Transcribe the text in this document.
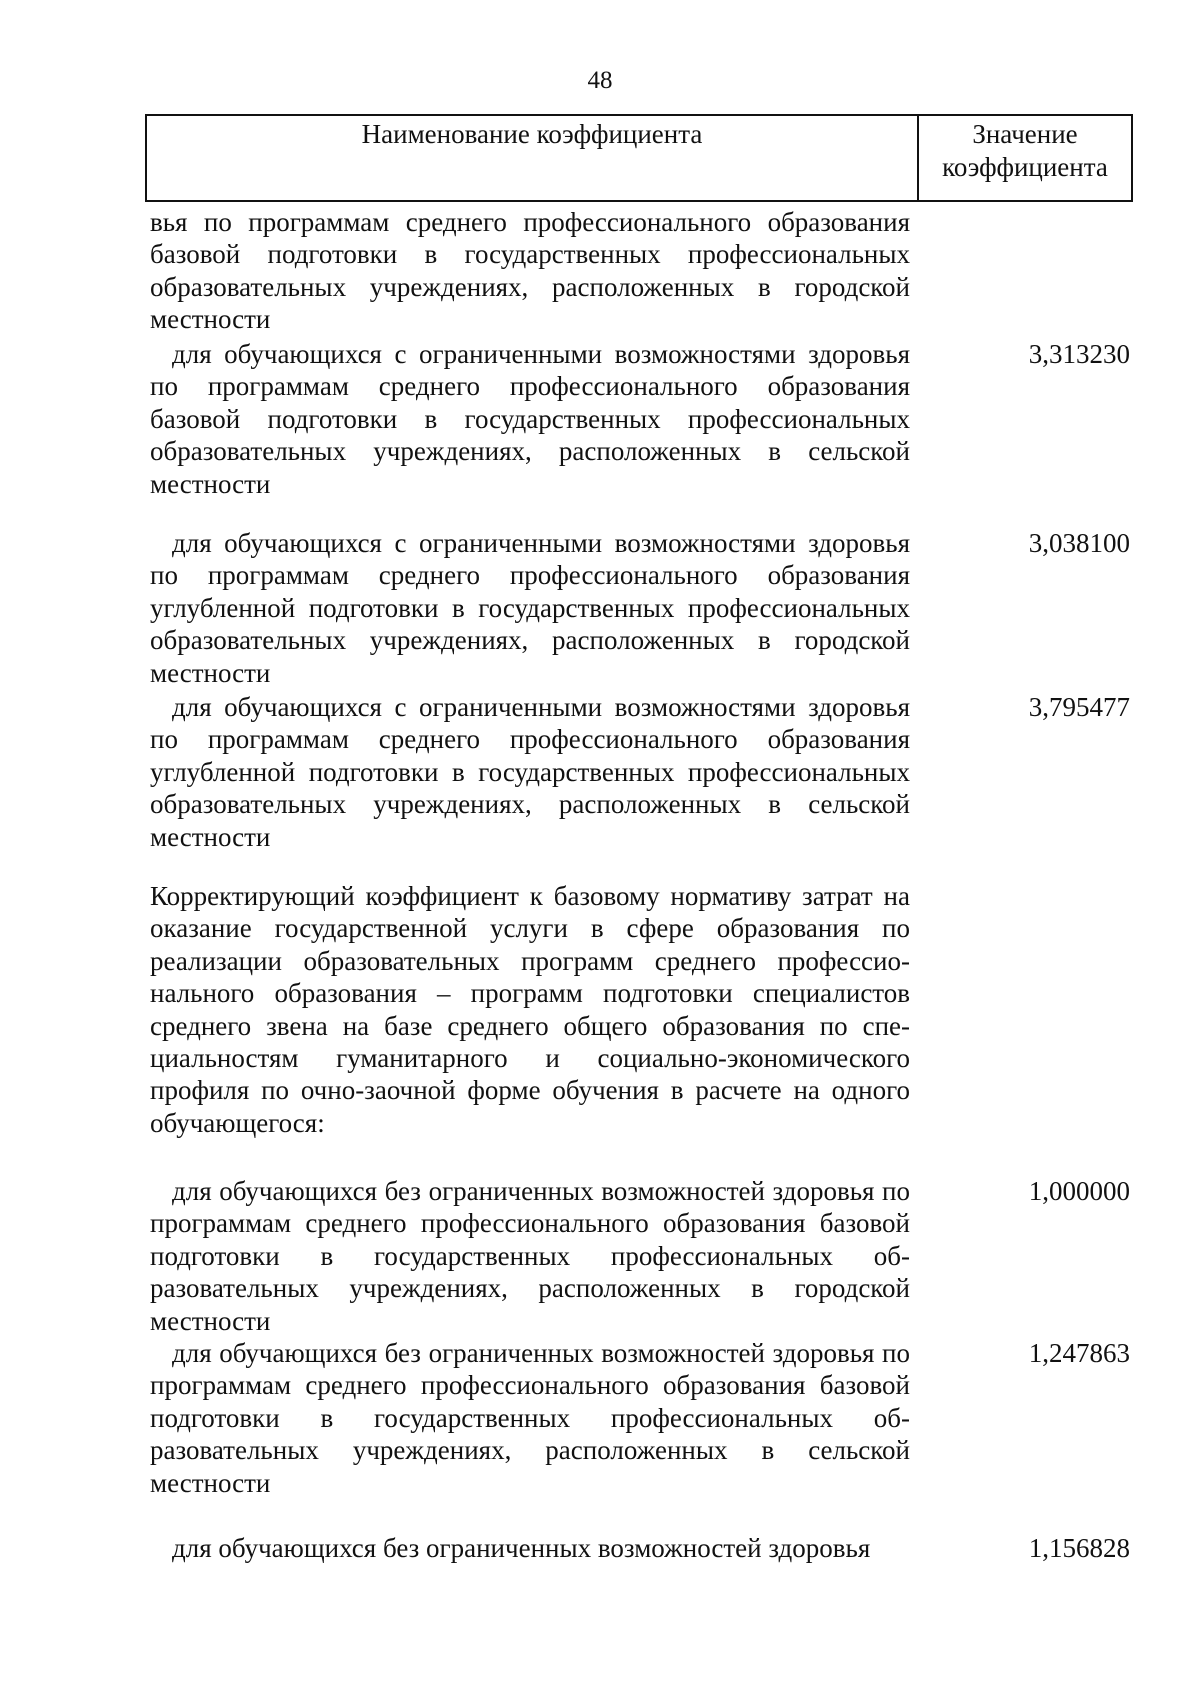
48
Наименование коэффициента	Значение
коэффициента
вья по программам среднего профессионального образования базовой подготовки в государственных профессиональных образовательных учреждениях, расположенных в городской местности
для обучающихся с ограниченными возможностями здоровья по программам среднего профессионального образования базовой подготовки в государственных профессиональных образовательных учреждениях, расположенных в сельской местности
3,313230
для обучающихся с ограниченными возможностями здоровья по программам среднего профессионального образования углубленной подготовки в государственных профессиональных образовательных учреждениях, расположенных в городской местности
3,038100
для обучающихся с ограниченными возможностями здоровья по программам среднего профессионального образования углубленной подготовки в государственных профессиональных образовательных учреждениях, расположенных в сельской местности
3,795477
Корректирующий коэффициент к базовому нормативу затрат на оказание государственной услуги в сфере образования по реализации образовательных программ среднего профессионального образования – программ подготовки специалистов среднего звена на базе среднего общего образования по специальностям гуманитарного и социально-экономического профиля по очно-заочной форме обучения в расчете на одного обучающегося:
для обучающихся без ограниченных возможностей здоровья по программам среднего профессионального образования базовой подготовки в государственных профессиональных образовательных учреждениях, расположенных в городской местности
1,000000
для обучающихся без ограниченных возможностей здоровья по программам среднего профессионального образования базовой подготовки в государственных профессиональных образовательных учреждениях, расположенных в сельской местности
1,247863
для обучающихся без ограниченных возможностей здоровья	1,156828
